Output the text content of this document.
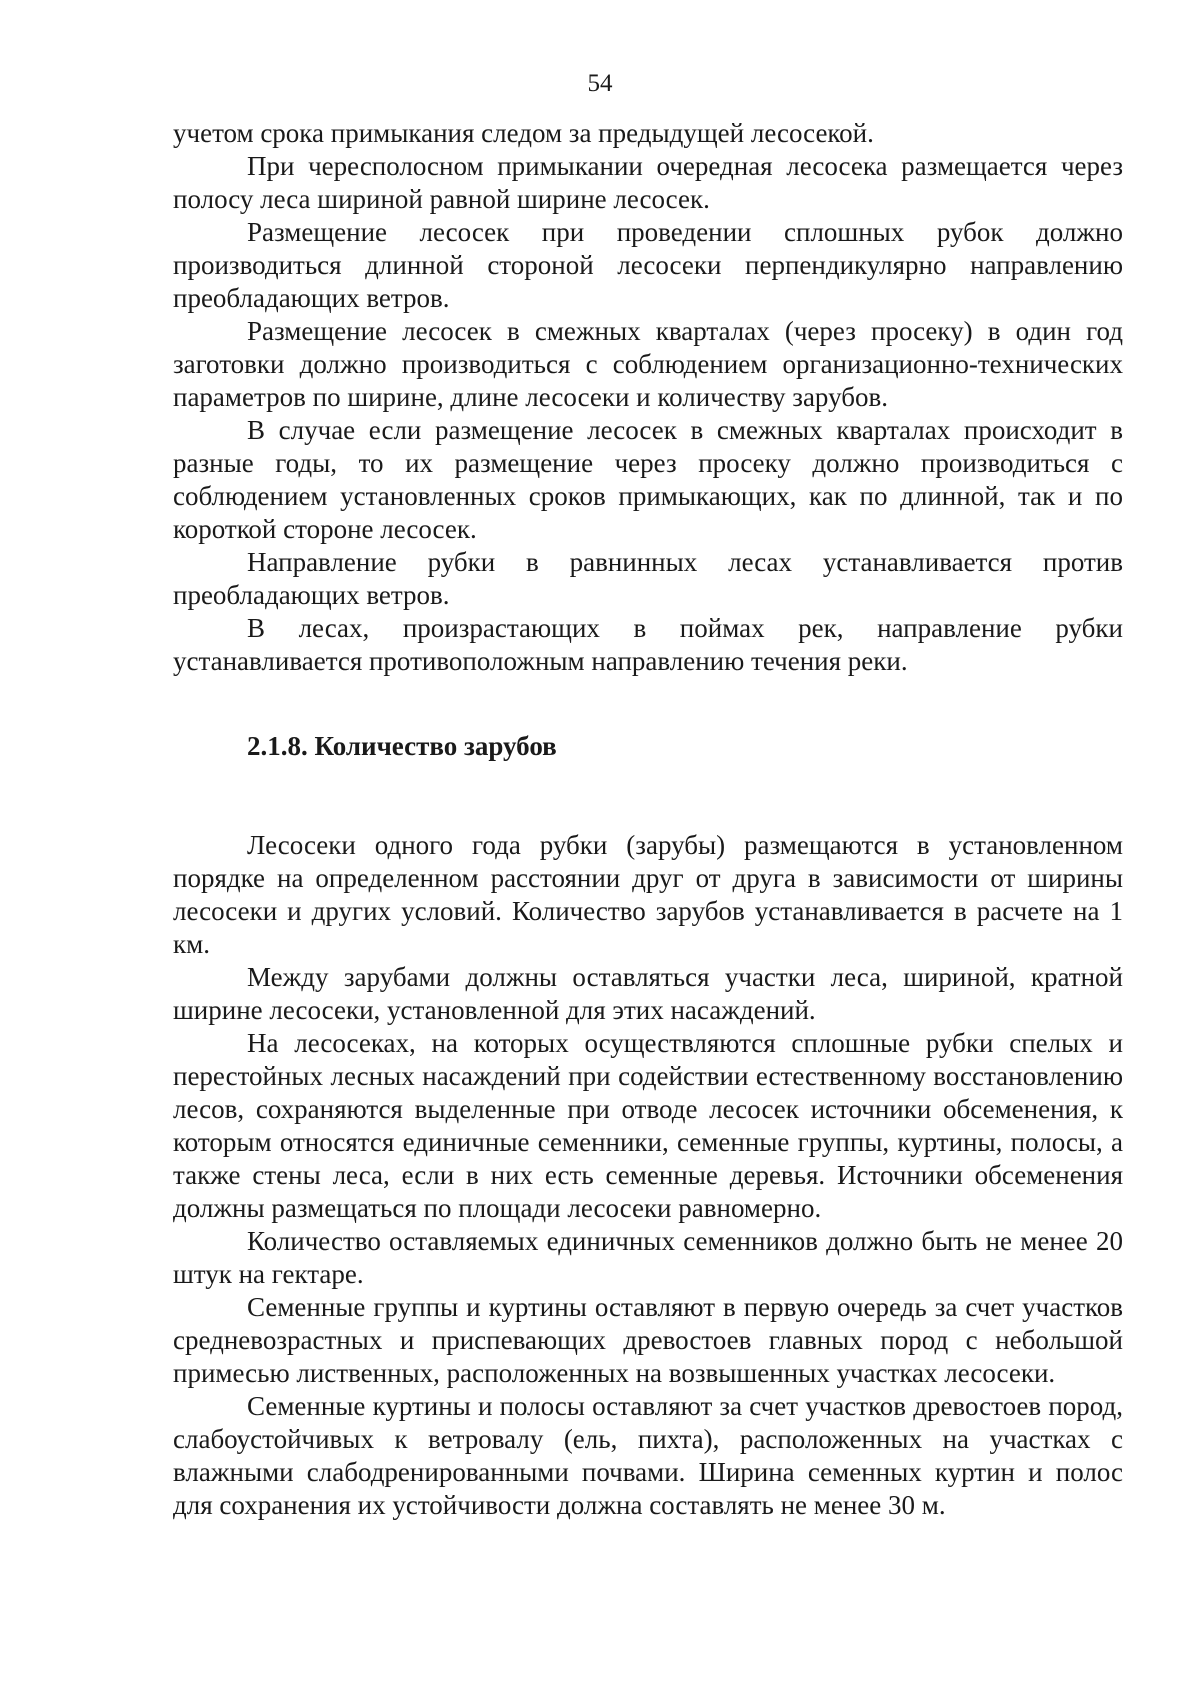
54

учетом срока примыкания следом за предыдущей лесосекой.

При чересполосном примыкании очередная лесосека размещается через полосу леса шириной равной ширине лесосек.

Размещение лесосек при проведении сплошных рубок должно производиться длинной стороной лесосеки перпендикулярно направлению преобладающих ветров.

Размещение лесосек в смежных кварталах (через просеку) в один год заготовки должно производиться с соблюдением организационно-технических параметров по ширине, длине лесосеки и количеству зарубов.

В случае если размещение лесосек в смежных кварталах происходит в разные годы, то их размещение через просеку должно производиться с соблюдением установленных сроков примыкающих, как по длинной, так и по короткой стороне лесосек.

Направление рубки в равнинных лесах устанавливается против преобладающих ветров.

В лесах, произрастающих в поймах рек, направление рубки устанавливается противоположным направлению течения реки.

2.1.8. Количество зарубов

Лесосеки одного года рубки (зарубы) размещаются в установленном порядке на определенном расстоянии друг от друга в зависимости от ширины лесосеки и других условий. Количество зарубов устанавливается в расчете на 1 км.

Между зарубами должны оставляться участки леса, шириной, кратной ширине лесосеки, установленной для этих насаждений.

На лесосеках, на которых осуществляются сплошные рубки спелых и перестойных лесных насаждений при содействии естественному восстановлению лесов, сохраняются выделенные при отводе лесосек источники обсеменения, к которым относятся единичные семенники, семенные группы, куртины, полосы, а также стены леса, если в них есть семенные деревья. Источники обсеменения должны размещаться по площади лесосеки равномерно.

Количество оставляемых единичных семенников должно быть не менее 20 штук на гектаре.

Семенные группы и куртины оставляют в первую очередь за счет участков средневозрастных и приспевающих древостоев главных пород с небольшой примесью лиственных, расположенных на возвышенных участках лесосеки.

Семенные куртины и полосы оставляют за счет участков древостоев пород, слабоустойчивых к ветровалу (ель, пихта), расположенных на участках с влажными слабодренированными почвами. Ширина семенных куртин и полос для сохранения их устойчивости должна составлять не менее 30 м.
